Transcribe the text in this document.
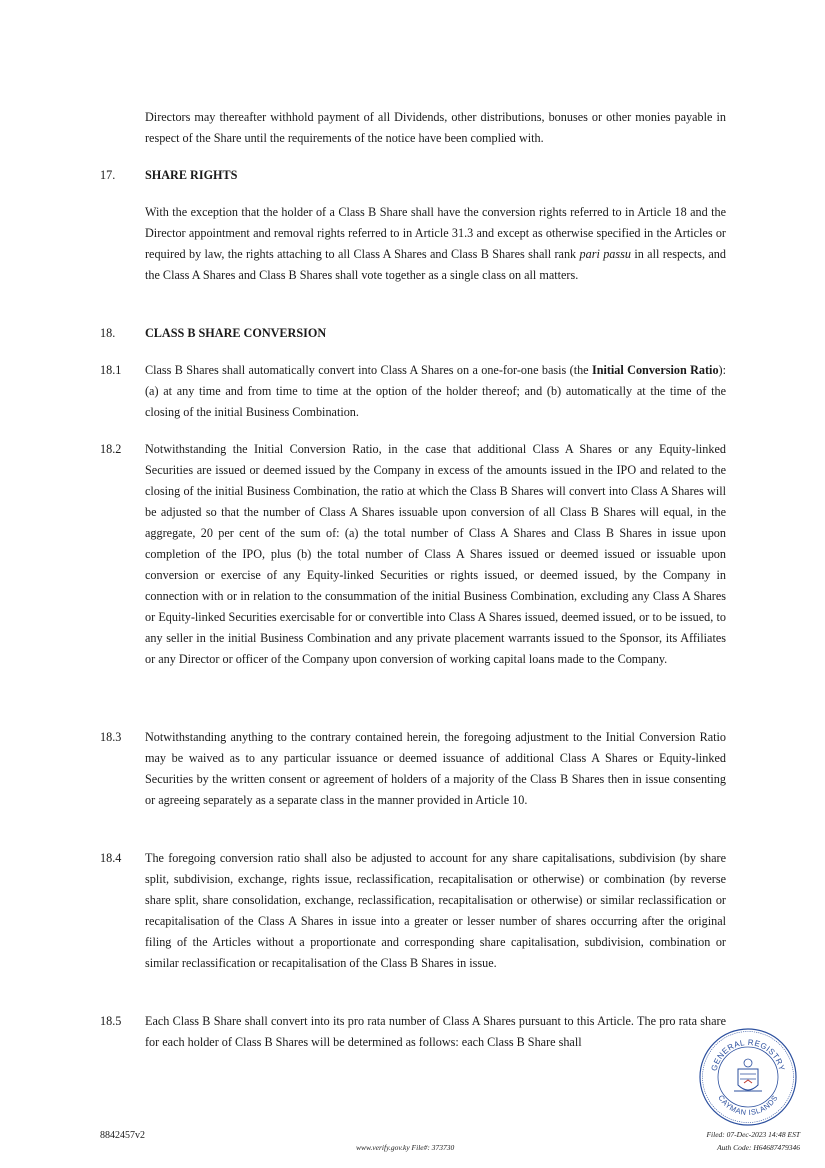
Directors may thereafter withhold payment of all Dividends, other distributions, bonuses or other monies payable in respect of the Share until the requirements of the notice have been complied with.

17. SHARE RIGHTS

With the exception that the holder of a Class B Share shall have the conversion rights referred to in Article 18 and the Director appointment and removal rights referred to in Article 31.3 and except as otherwise specified in the Articles or required by law, the rights attaching to all Class A Shares and Class B Shares shall rank pari passu in all respects, and the Class A Shares and Class B Shares shall vote together as a single class on all matters.

18. CLASS B SHARE CONVERSION
18.1 Class B Shares shall automatically convert into Class A Shares on a one-for-one basis (the Initial Conversion Ratio): (a) at any time and from time to time at the option of the holder thereof; and (b) automatically at the time of the closing of the initial Business Combination.

18.2 Notwithstanding the Initial Conversion Ratio, in the case that additional Class A Shares or any Equity-linked Securities are issued or deemed issued by the Company in excess of the amounts issued in the IPO and related to the closing of the initial Business Combination, the ratio at which the Class B Shares will convert into Class A Shares will be adjusted so that the number of Class A Shares issuable upon conversion of all Class B Shares will equal, in the aggregate, 20 per cent of the sum of: (a) the total number of Class A Shares and Class B Shares in issue upon completion of the IPO, plus (b) the total number of Class A Shares issued or deemed issued or issuable upon conversion or exercise of any Equity-linked Securities or rights issued, or deemed issued, by the Company in connection with or in relation to the consummation of the initial Business Combination, excluding any Class A Shares or Equity-linked Securities exercisable for or convertible into Class A Shares issued, deemed issued, or to be issued, to any seller in the initial Business Combination and any private placement warrants issued to the Sponsor, its Affiliates or any Director or officer of the Company upon conversion of working capital loans made to the Company.

18.3 Notwithstanding anything to the contrary contained herein, the foregoing adjustment to the Initial Conversion Ratio may be waived as to any particular issuance or deemed issuance of additional Class A Shares or Equity-linked Securities by the written consent or agreement of holders of a majority of the Class B Shares then in issue consenting or agreeing separately as a separate class in the manner provided in Article 10.

18.4 The foregoing conversion ratio shall also be adjusted to account for any share capitalisations, subdivision (by share split, subdivision, exchange, rights issue, reclassification, recapitalisation or otherwise) or combination (by reverse share split, share consolidation, exchange, reclassification, recapitalisation or otherwise) or similar reclassification or recapitalisation of the Class A Shares in issue into a greater or lesser number of shares occurring after the original filing of the Articles without a proportionate and corresponding share capitalisation, subdivision, combination or similar reclassification or recapitalisation of the Class B Shares in issue.

18.5 Each Class B Share shall convert into its pro rata number of Class A Shares pursuant to this Article. The pro rata share for each holder of Class B Shares will be determined as follows: each Class B Share shall

8842457v2
www.verify.gov.ky File#: 373730
Filed: 07-Dec-2023 14:48 EST
Auth Code: H64687479346
GENERAL REGISTRY
CAYMAN ISLANDS
